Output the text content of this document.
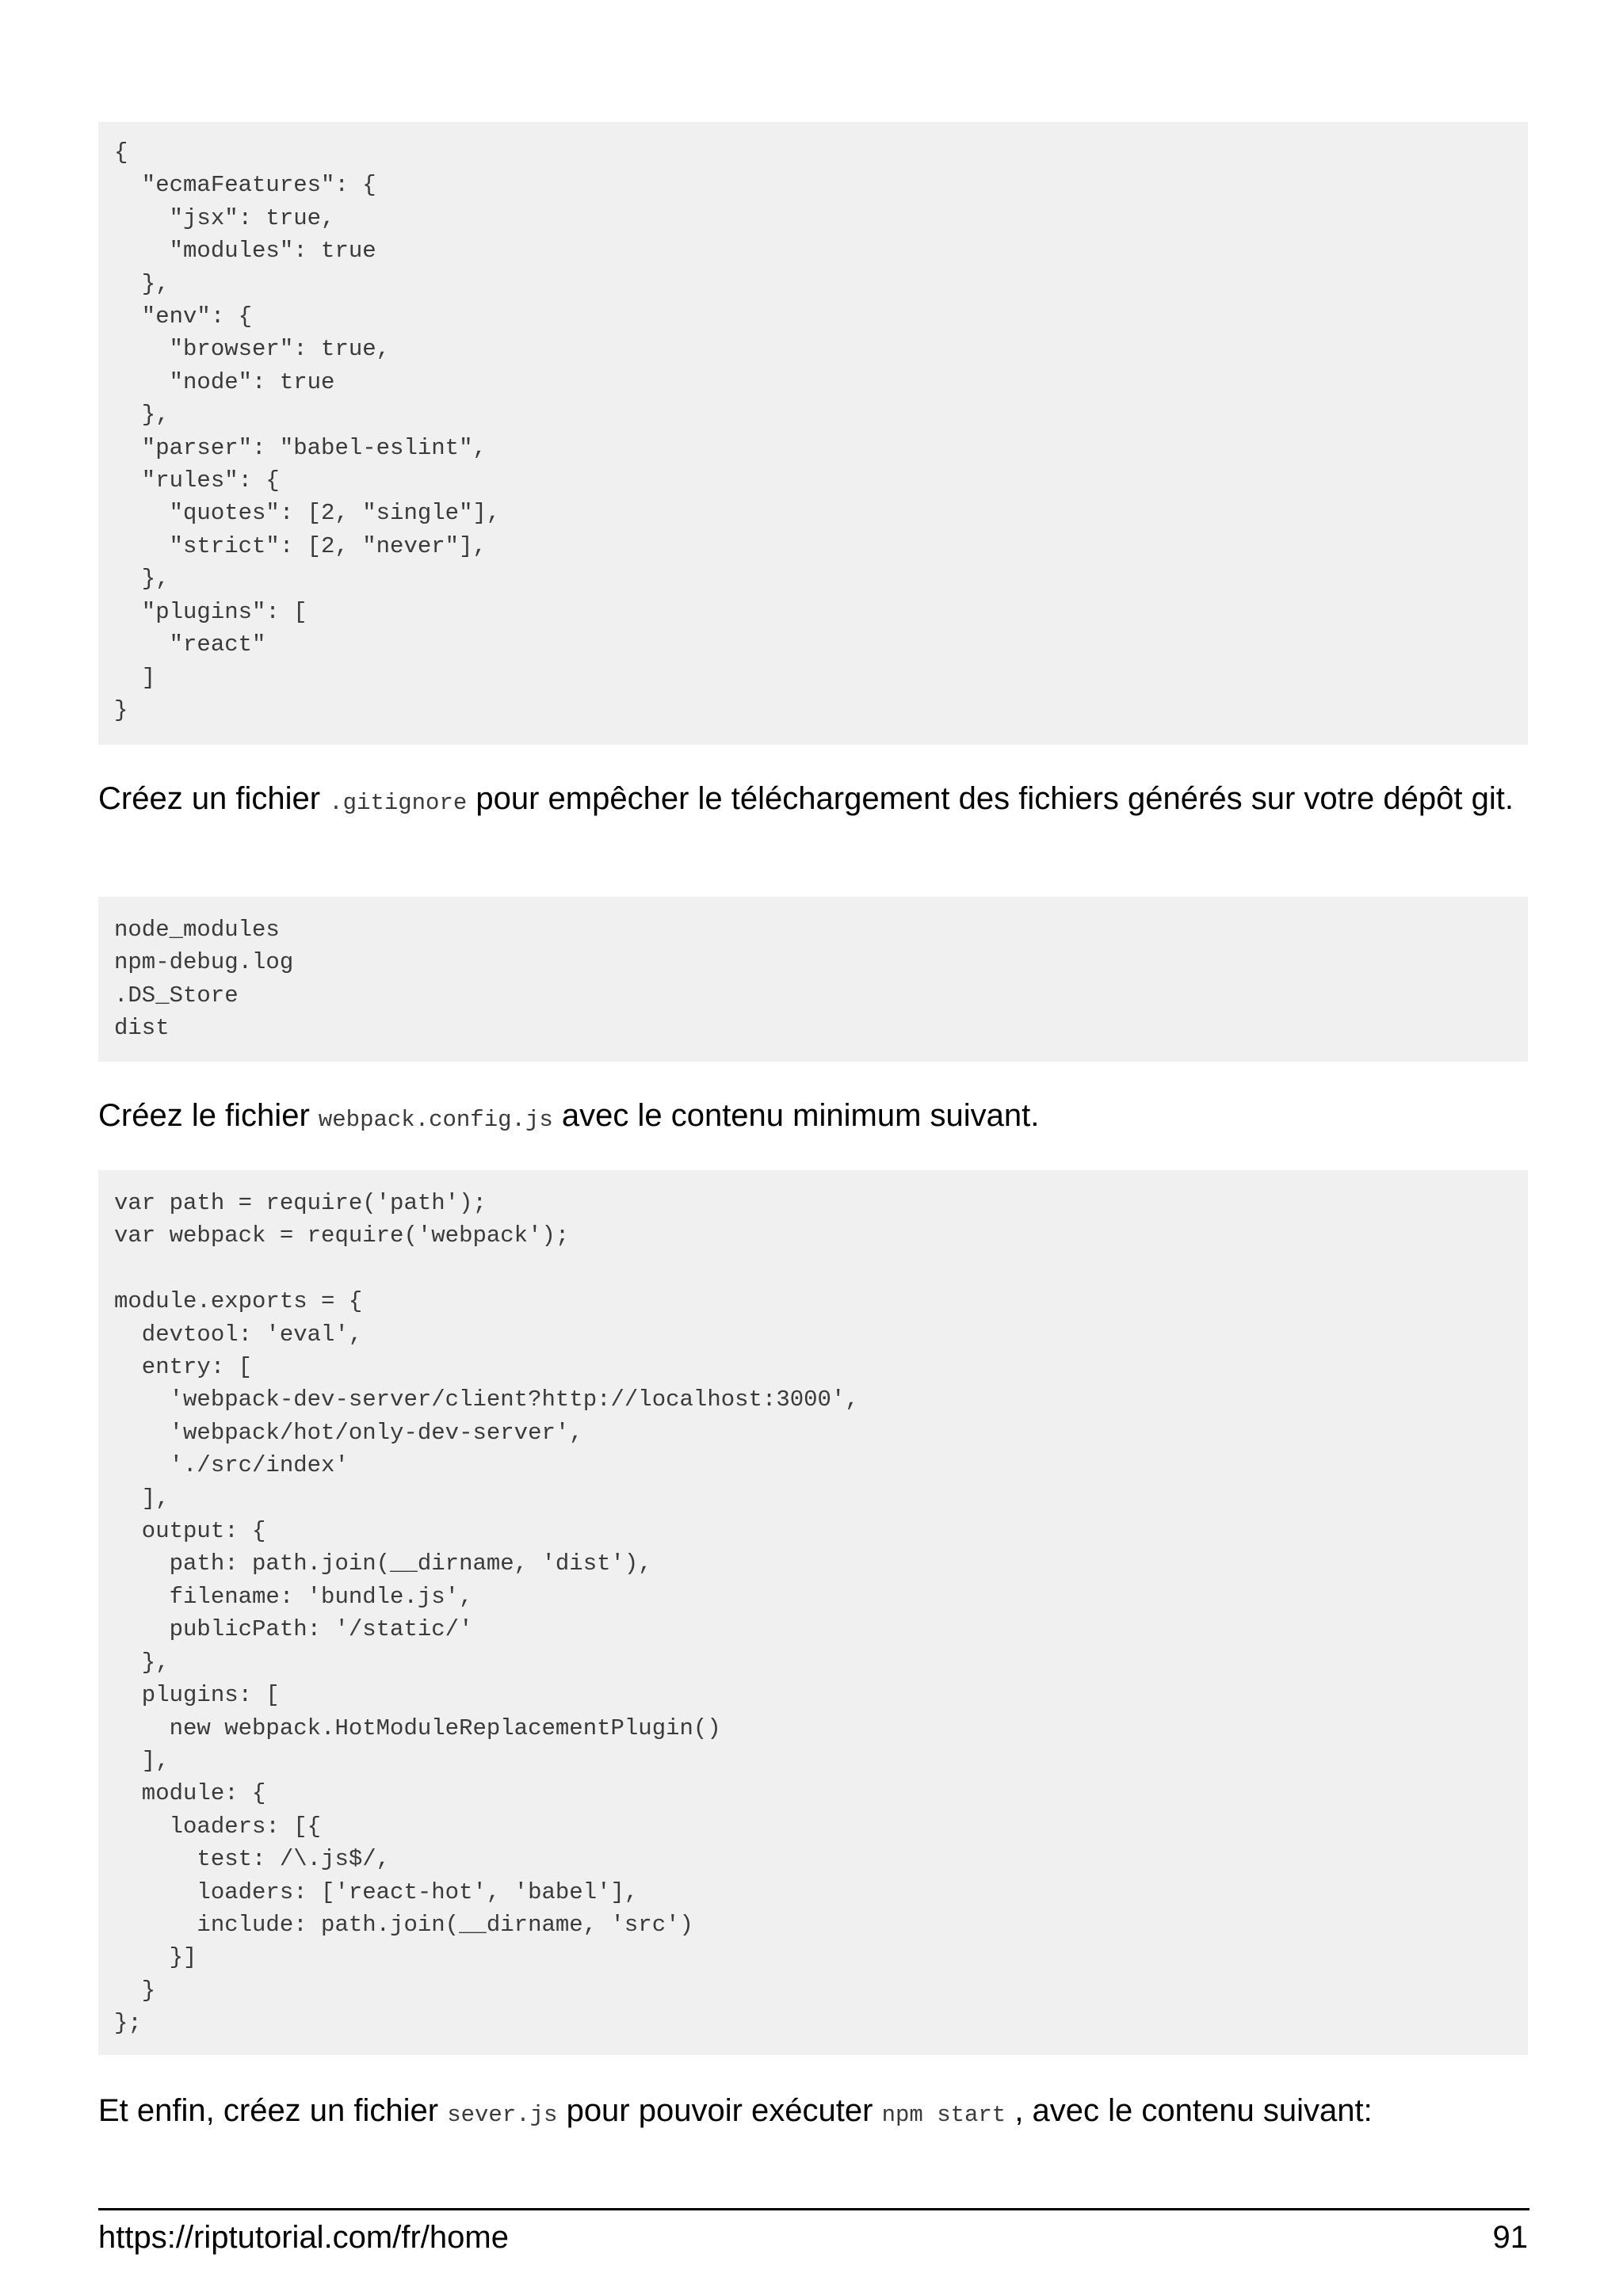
{
"ecmaFeatures": {
"jsx": true,
"modules": true
},
"env": {
"browser": true,
"node": true
},
"parser": "babel-eslint",
"rules": {
"quotes": [2, "single"],
"strict": [2, "never"],
},
"plugins": [
"react"
]
}

Créez un fichier .gitignore pour empêcher le téléchargement des fichiers générés sur votre dépôt git.

node_modules
npm-debug.log
.DS_Store
dist

Créez le fichier webpack.config.js avec le contenu minimum suivant.

var path = require('path');
var webpack = require('webpack');

module.exports = {
devtool: 'eval',
entry: [
'webpack-dev-server/client?http://localhost:3000',
'webpack/hot/only-dev-server',
'./src/index'
],
output: {
path: path.join(__dirname, 'dist'),
filename: 'bundle.js',
publicPath: '/static/'
},
plugins: [
new webpack.HotModuleReplacementPlugin()
],
module: {
loaders: [{
test: /\.js$/,
loaders: ['react-hot', 'babel'],
include: path.join(__dirname, 'src')
}]
}
};

Et enfin, créez un fichier sever.js pour pouvoir exécuter npm start , avec le contenu suivant:

https://riptutorial.com/fr/home	91
